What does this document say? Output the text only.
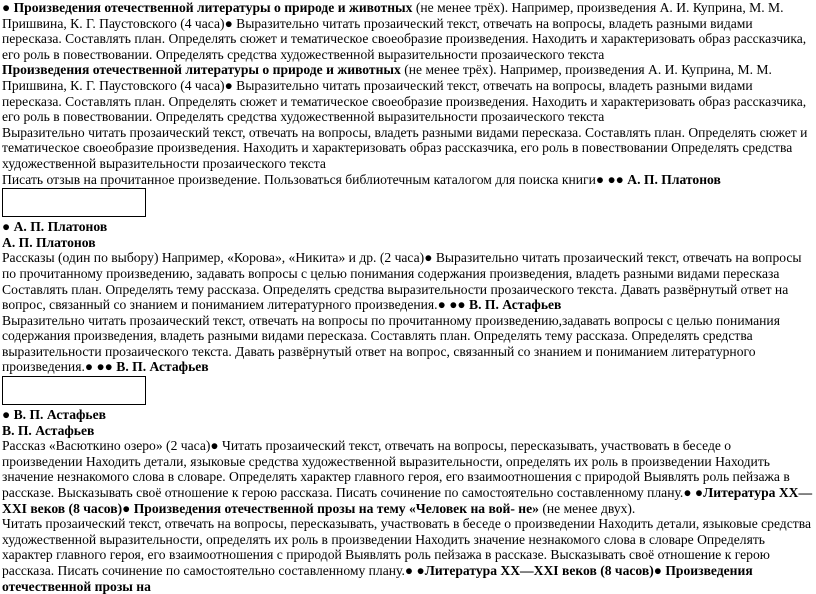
● Произведения отечественной литературы о природе и животных (не менее трёх). Например, произведения А. И. Куприна, М. М. Пришвина, К. Г. Паустовского (4 часа)● Выразительно читать прозаический текст, отвечать на вопросы, владеть разными видами пересказа. Составлять план. Определять сюжет и тематическое своеобразие произведения. Находить и характеризовать образ рассказчика, его роль в повествовании. Определять средства художественной выразительности прозаического текста

Произведения отечественной литературы о природе и животных (не менее трёх). Например, произведения А. И. Куприна, М. М. Пришвина, К. Г. Паустовского (4 часа)● Выразительно читать прозаический текст, отвечать на вопросы, владеть разными видами пересказа. Составлять план. Определять сюжет и тематическое своеобразие произведения. Находить и характеризовать образ рассказчика, его роль в повествовании. Определять средства художественной выразительности прозаического текста

Выразительно читать прозаический текст, отвечать на вопросы, владеть разными видами пересказа. Составлять план. Определять сюжет и тематическое своеобразие произведения. Находить и характеризовать образ рассказчика, его роль в повествовании Определять средства художественной выразительности прозаического текста

Писать отзыв на прочитанное произведение. Пользоваться библиотечным каталогом для поиска книги● ●● А. П. Платонов

● А. П. Платонов

А. П. Платонов

Рассказы (один по выбору) Например, «Корова», «Никита» и др. (2 часа)● Выразительно читать прозаический текст, отвечать на вопросы по прочитанному произведению, задавать вопросы с целью понимания содержания произведения, владеть разными видами пересказа Составлять план. Определять тему рассказа. Определять средства выразительности прозаического текста. Давать развёрнутый ответ на вопрос, связанный со знанием и пониманием литературного произведения.● ●● В. П. Астафьев

Выразительно читать прозаический текст, отвечать на вопросы по прочитанному произведению,задавать вопросы с целью понимания содержания произведения, владеть разными видами пересказа. Составлять план. Определять тему рассказа. Определять средства выразительности прозаического текста. Давать развёрнутый ответ на вопрос, связанный со знанием и пониманием литературного произведения.● ●● В. П. Астафьев

● В. П. Астафьев

В. П. Астафьев

Рассказ «Васюткино озеро» (2 часа)● Читать прозаический текст, отвечать на вопросы, пересказывать, участвовать в беседе о произведении Находить детали, языковые средства художественной выразительности, определять их роль в произведении Находить значение незнакомого слова в словаре. Определять характер главного героя, его взаимоотношения с природой Выявлять роль пейзажа в рассказе. Высказывать своё отношение к герою рассказа. Писать сочинение по самостоятельно составленному плану.● ●Литература XX—XXI веков (8 часов)● Произведения отечественной прозы на тему «Человек на вой- не» (не менее двух).

Читать прозаический текст, отвечать на вопросы, пересказывать, участвовать в беседе о произведении Находить детали, языковые средства художественной выразительности, определять их роль в произведении Находить значение незнакомого слова в словаре Определять характер главного героя, его взаимоотношения с природой Выявлять роль пейзажа в рассказе. Высказывать своё отношение к герою рассказа. Писать сочинение по самостоятельно составленному плану.● ●Литература XX—XXI веков (8 часов)● Произведения отечественной прозы на
